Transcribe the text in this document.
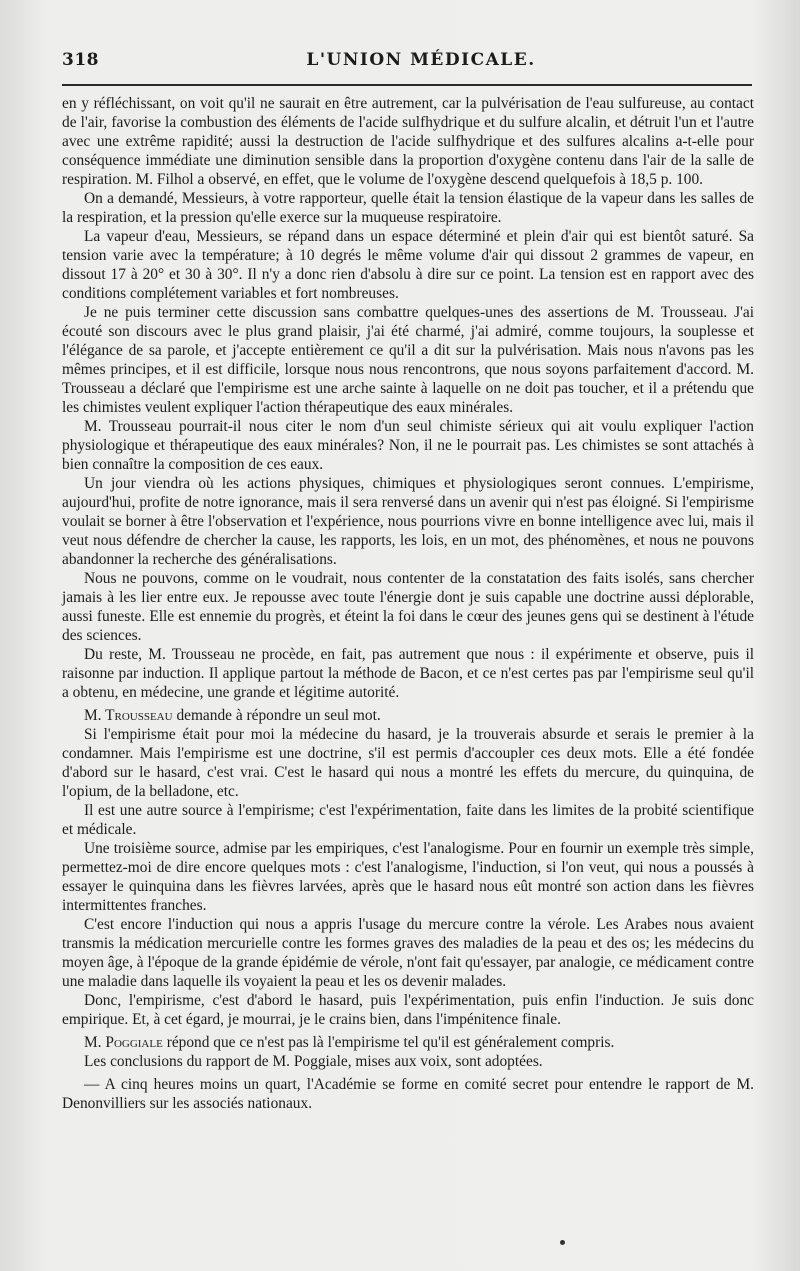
318	L'UNION MÉDICALE.

en y réfléchissant, on voit qu'il ne saurait en être autrement, car la pulvérisation de l'eau sulfureuse, au contact de l'air, favorise la combustion des éléments de l'acide sulfhydrique et du sulfure alcalin, et détruit l'un et l'autre avec une extrême rapidité; aussi la destruction de l'acide sulfhydrique et des sulfures alcalins a-t-elle pour conséquence immédiate une diminution sensible dans la proportion d'oxygène contenu dans l'air de la salle de respiration. M. Filhol a observé, en effet, que le volume de l'oxygène descend quelquefois à 18,5 p. 100.

On a demandé, Messieurs, à votre rapporteur, quelle était la tension élastique de la vapeur dans les salles de la respiration, et la pression qu'elle exerce sur la muqueuse respiratoire.

La vapeur d'eau, Messieurs, se répand dans un espace déterminé et plein d'air qui est bientôt saturé. Sa tension varie avec la température; à 10 degrés le même volume d'air qui dissout 2 grammes de vapeur, en dissout 17 à 20° et 30 à 30°. Il n'y a donc rien d'absolu à dire sur ce point. La tension est en rapport avec des conditions complétement variables et fort nombreuses.

Je ne puis terminer cette discussion sans combattre quelques-unes des assertions de M. Trousseau. J'ai écouté son discours avec le plus grand plaisir, j'ai été charmé, j'ai admiré, comme toujours, la souplesse et l'élégance de sa parole, et j'accepte entièrement ce qu'il a dit sur la pulvérisation. Mais nous n'avons pas les mêmes principes, et il est difficile, lorsque nous nous rencontrons, que nous soyons parfaitement d'accord. M. Trousseau a déclaré que l'empirisme est une arche sainte à laquelle on ne doit pas toucher, et il a prétendu que les chimistes veulent expliquer l'action thérapeutique des eaux minérales.

M. Trousseau pourrait-il nous citer le nom d'un seul chimiste sérieux qui ait voulu expliquer l'action physiologique et thérapeutique des eaux minérales? Non, il ne le pourrait pas. Les chimistes se sont attachés à bien connaître la composition de ces eaux.

Un jour viendra où les actions physiques, chimiques et physiologiques seront connues. L'empirisme, aujourd'hui, profite de notre ignorance, mais il sera renversé dans un avenir qui n'est pas éloigné. Si l'empirisme voulait se borner à être l'observation et l'expérience, nous pourrions vivre en bonne intelligence avec lui, mais il veut nous défendre de chercher la cause, les rapports, les lois, en un mot, des phénomènes, et nous ne pouvons abandonner la recherche des généralisations.

Nous ne pouvons, comme on le voudrait, nous contenter de la constatation des faits isolés, sans chercher jamais à les lier entre eux. Je repousse avec toute l'énergie dont je suis capable une doctrine aussi déplorable, aussi funeste. Elle est ennemie du progrès, et éteint la foi dans le cœur des jeunes gens qui se destinent à l'étude des sciences.

Du reste, M. Trousseau ne procède, en fait, pas autrement que nous : il expérimente et observe, puis il raisonne par induction. Il applique partout la méthode de Bacon, et ce n'est certes pas par l'empirisme seul qu'il a obtenu, en médecine, une grande et légitime autorité.

M. Trousseau demande à répondre un seul mot.

Si l'empirisme était pour moi la médecine du hasard, je la trouverais absurde et serais le premier à la condamner. Mais l'empirisme est une doctrine, s'il est permis d'accoupler ces deux mots. Elle a été fondée d'abord sur le hasard, c'est vrai. C'est le hasard qui nous a montré les effets du mercure, du quinquina, de l'opium, de la belladone, etc.

Il est une autre source à l'empirisme; c'est l'expérimentation, faite dans les limites de la probité scientifique et médicale.

Une troisième source, admise par les empiriques, c'est l'analogisme. Pour en fournir un exemple très simple, permettez-moi de dire encore quelques mots : c'est l'analogisme, l'induction, si l'on veut, qui nous a poussés à essayer le quinquina dans les fièvres larvées, après que le hasard nous eût montré son action dans les fièvres intermittentes franches.

C'est encore l'induction qui nous a appris l'usage du mercure contre la vérole. Les Arabes nous avaient transmis la médication mercurielle contre les formes graves des maladies de la peau et des os; les médecins du moyen âge, à l'époque de la grande épidémie de vérole, n'ont fait qu'essayer, par analogie, ce médicament contre une maladie dans laquelle ils voyaient la peau et les os devenir malades.

Donc, l'empirisme, c'est d'abord le hasard, puis l'expérimentation, puis enfin l'induction. Je suis donc empirique. Et, à cet égard, je mourrai, je le crains bien, dans l'impénitence finale.

M. Poggiale répond que ce n'est pas là l'empirisme tel qu'il est généralement compris.

Les conclusions du rapport de M. Poggiale, mises aux voix, sont adoptées.

— A cinq heures moins un quart, l'Académie se forme en comité secret pour entendre le rapport de M. Denonvilliers sur les associés nationaux.
